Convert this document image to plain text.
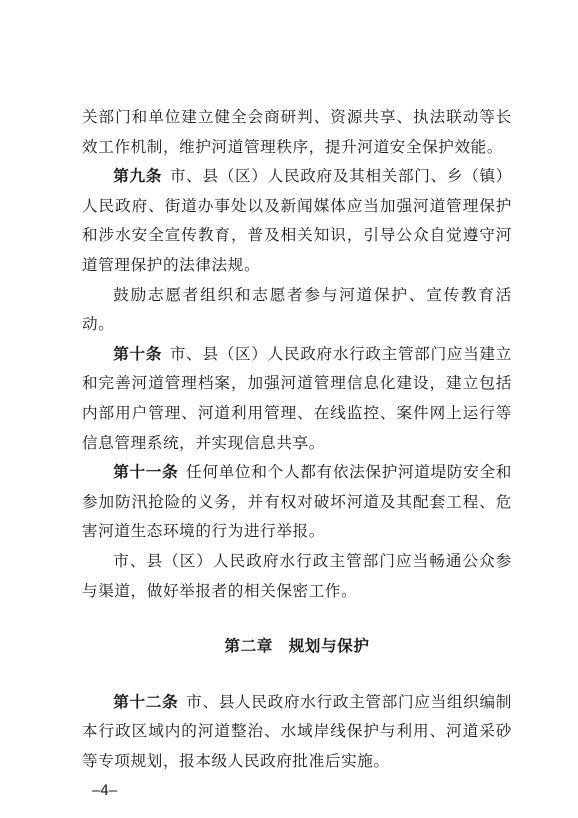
关部门和单位建立健全会商研判、资源共享、执法联动等长效工作机制，维护河道管理秩序，提升河道安全保护效能。

第九条 市、县（区）人民政府及其相关部门、乡（镇）人民政府、街道办事处以及新闻媒体应当加强河道管理保护和涉水安全宣传教育，普及相关知识，引导公众自觉遵守河道管理保护的法律法规。

鼓励志愿者组织和志愿者参与河道保护、宣传教育活动。

第十条 市、县（区）人民政府水行政主管部门应当建立和完善河道管理档案，加强河道管理信息化建设，建立包括内部用户管理、河道利用管理、在线监控、案件网上运行等信息管理系统，并实现信息共享。

第十一条 任何单位和个人都有依法保护河道堤防安全和参加防汛抢险的义务，并有权对破坏河道及其配套工程、危害河道生态环境的行为进行举报。

市、县（区）人民政府水行政主管部门应当畅通公众参与渠道，做好举报者的相关保密工作。

第二章 规划与保护

第十二条 市、县人民政府水行政主管部门应当组织编制本行政区域内的河道整治、水域岸线保护与利用、河道采砂等专项规划，报本级人民政府批准后实施。

—4—
